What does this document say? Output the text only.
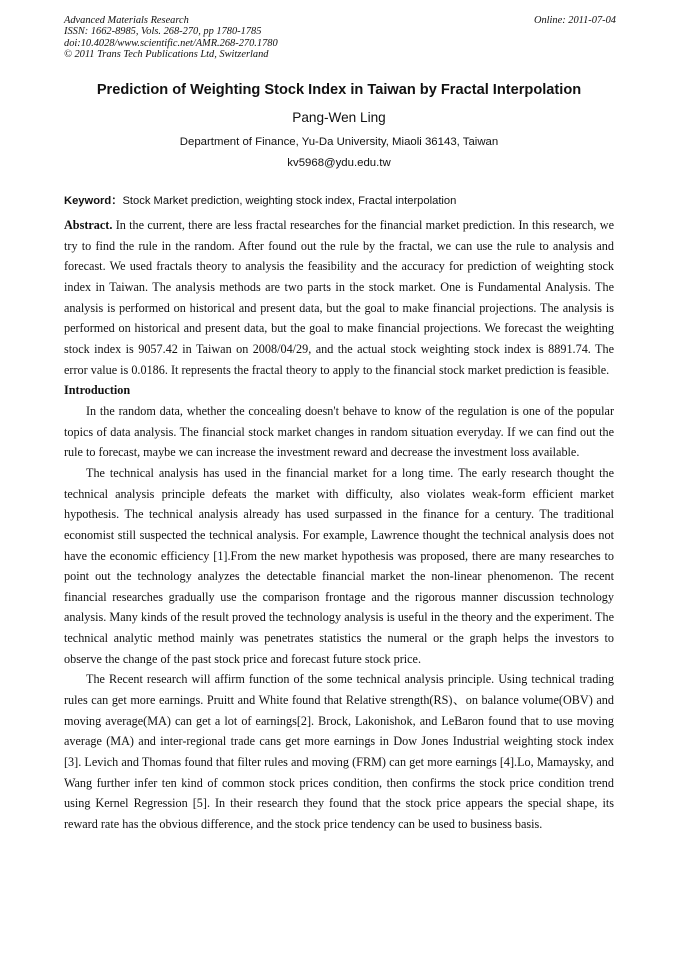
Advanced Materials Research
ISSN: 1662-8985, Vols. 268-270, pp 1780-1785
doi:10.4028/www.scientific.net/AMR.268-270.1780
© 2011 Trans Tech Publications Ltd, Switzerland
Online: 2011-07-04
Prediction of Weighting Stock Index in Taiwan by Fractal Interpolation
Pang-Wen Ling
Department of Finance, Yu-Da University, Miaoli 36143, Taiwan
kv5968@ydu.edu.tw
Keyword：Stock Market prediction, weighting stock index, Fractal interpolation

Abstract. In the current, there are less fractal researches for the financial market prediction. In this research, we try to find the rule in the random. After found out the rule by the fractal, we can use the rule to analysis and forecast. We used fractals theory to analysis the feasibility and the accuracy for prediction of weighting stock index in Taiwan. The analysis methods are two parts in the stock market. One is Fundamental Analysis. The analysis is performed on historical and present data, but the goal to make financial projections. The analysis is performed on historical and present data, but the goal to make financial projections. We forecast the weighting stock index is 9057.42 in Taiwan on 2008/04/29, and the actual stock weighting stock index is 8891.74. The error value is 0.0186. It represents the fractal theory to apply to the financial stock market prediction is feasible.

Introduction

In the random data, whether the concealing doesn't behave to know of the regulation is one of the popular topics of data analysis. The financial stock market changes in random situation everyday. If we can find out the rule to forecast, maybe we can increase the investment reward and decrease the investment loss available.

The technical analysis has used in the financial market for a long time. The early research thought the technical analysis principle defeats the market with difficulty, also violates weak-form efficient market hypothesis. The technical analysis already has used surpassed in the finance for a century. The traditional economist still suspected the technical analysis. For example, Lawrence thought the technical analysis does not have the economic efficiency [1].From the new market hypothesis was proposed, there are many researches to point out the technology analyzes the detectable financial market the non-linear phenomenon. The recent financial researches gradually use the comparison frontage and the rigorous manner discussion technology analysis. Many kinds of the result proved the technology analysis is useful in the theory and the experiment. The technical analytic method mainly was penetrates statistics the numeral or the graph helps the investors to observe the change of the past stock price and forecast future stock price.

The Recent research will affirm function of the some technical analysis principle. Using technical trading rules can get more earnings. Pruitt and White found that Relative strength(RS)、on balance volume(OBV) and moving average(MA) can get a lot of earnings[2]. Brock, Lakonishok, and LeBaron found that to use moving average (MA) and inter-regional trade cans get more earnings in Dow Jones Industrial weighting stock index [3]. Levich and Thomas found that filter rules and moving (FRM) can get more earnings [4].Lo, Mamaysky, and Wang further infer ten kind of common stock prices condition, then confirms the stock price condition trend using Kernel Regression [5]. In their research they found that the stock price appears the special shape, its reward rate has the obvious difference, and the stock price tendency can be used to business basis.
